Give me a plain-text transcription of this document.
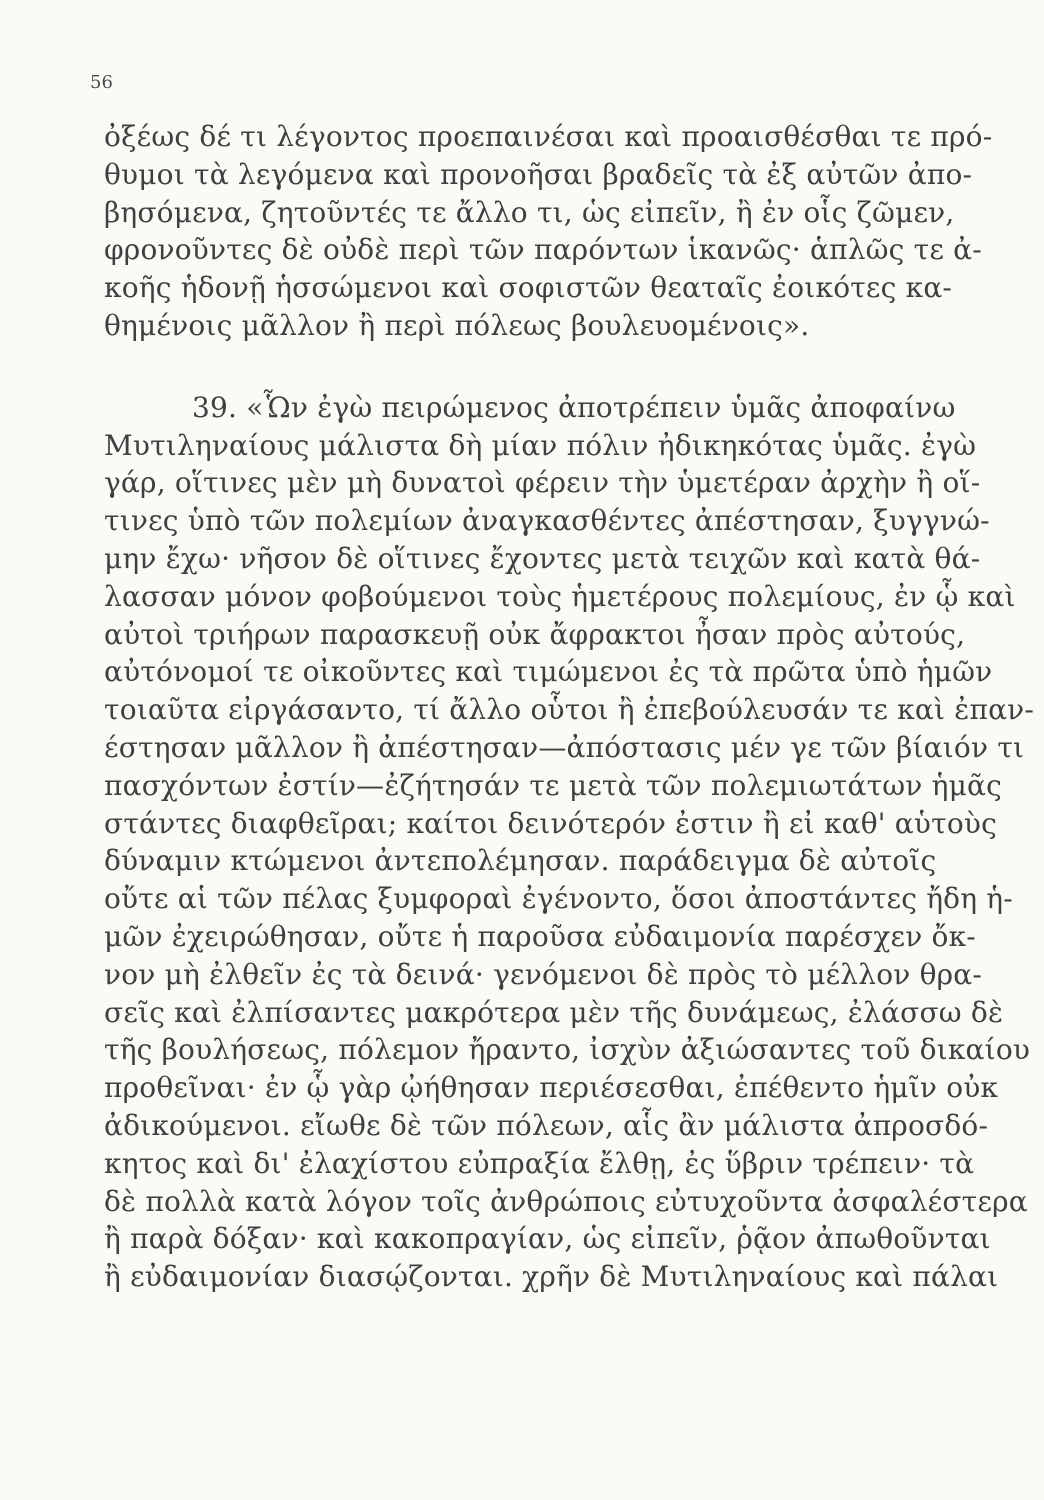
56
ὀξέως δέ τι λέγοντος προεπαινέσαι καὶ προαισθέσθαι τε πρό-
θυμοι τὰ λεγόμενα καὶ προνοῆσαι βραδεῖς τὰ ἐξ αὐτῶν ἀπο-
βησόμενα, ζητοῦντές τε ἄλλο τι, ὡς εἰπεῖν, ἢ ἐν οἷς ζῶμεν,
φρονοῦντες δὲ οὐδὲ περὶ τῶν παρόντων ἱκανῶς· ἁπλῶς τε ἀ-
κοῆς ἡδονῇ ἡσσώμενοι καὶ σοφιστῶν θεαταῖς ἐοικότες κα-
θημένοις μᾶλλον ἢ περὶ πόλεως βουλευομένοις».
39. «Ὧν ἐγὼ πειρώμενος ἀποτρέπειν ὑμᾶς ἀποφαίνω
Μυτιληναίους μάλιστα δὴ μίαν πόλιν ἠδικηκότας ὑμᾶς. ἐγὼ
γάρ, οἵτινες μὲν μὴ δυνατοὶ φέρειν τὴν ὑμετέραν ἀρχὴν ἢ οἵ-
τινες ὑπὸ τῶν πολεμίων ἀναγκασθέντες ἀπέστησαν, ξυγγνώ-
μην ἔχω· νῆσον δὲ οἵτινες ἔχοντες μετὰ τειχῶν καὶ κατὰ θά-
λασσαν μόνον φοβούμενοι τοὺς ἡμετέρους πολεμίους, ἐν ᾧ καὶ
αὐτοὶ τριήρων παρασκευῇ οὐκ ἄφρακτοι ἦσαν πρὸς αὐτούς,
αὐτόνομοί τε οἰκοῦντες καὶ τιμώμενοι ἐς τὰ πρῶτα ὑπὸ ἡμῶν
τοιαῦτα εἰργάσαντο, τί ἄλλο οὗτοι ἢ ἐπεβούλευσάν τε καὶ ἐπαν-
έστησαν μᾶλλον ἢ ἀπέστησαν—ἀπόστασις μέν γε τῶν βίαιόν τι
πασχόντων ἐστίν—ἐζήτησάν τε μετὰ τῶν πολεμιωτάτων ἡμᾶς
στάντες διαφθεῖραι; καίτοι δεινότερόν ἐστιν ἢ εἰ καθ' αὑτοὺς
δύναμιν κτώμενοι ἀντεπολέμησαν. παράδειγμα δὲ αὐτοῖς
οὔτε αἱ τῶν πέλας ξυμφοραὶ ἐγένοντο, ὅσοι ἀποστάντες ἤδη ἡ-
μῶν ἐχειρώθησαν, οὔτε ἡ παροῦσα εὐδαιμονία παρέσχεν ὄκ-
νον μὴ ἐλθεῖν ἐς τὰ δεινά· γενόμενοι δὲ πρὸς τὸ μέλλον θρα-
σεῖς καὶ ἐλπίσαντες μακρότερα μὲν τῆς δυνάμεως, ἐλάσσω δὲ
τῆς βουλήσεως, πόλεμον ἤραντο, ἰσχὺν ἀξιώσαντες τοῦ δικαίου
προθεῖναι· ἐν ᾧ γὰρ ᾠήθησαν περιέσεσθαι, ἐπέθεντο ἡμῖν οὐκ
ἀδικούμενοι. εἴωθε δὲ τῶν πόλεων, αἷς ἂν μάλιστα ἀπροσδό-
κητος καὶ δι' ἐλαχίστου εὐπραξία ἔλθῃ, ἐς ὕβριν τρέπειν· τὰ
δὲ πολλὰ κατὰ λόγον τοῖς ἀνθρώποις εὐτυχοῦντα ἀσφαλέστερα
ἢ παρὰ δόξαν· καὶ κακοπραγίαν, ὡς εἰπεῖν, ῥᾷον ἀπωθοῦνται
ἢ εὐδαιμονίαν διασῴζονται. χρῆν δὲ Μυτιληναίους καὶ πάλαι
